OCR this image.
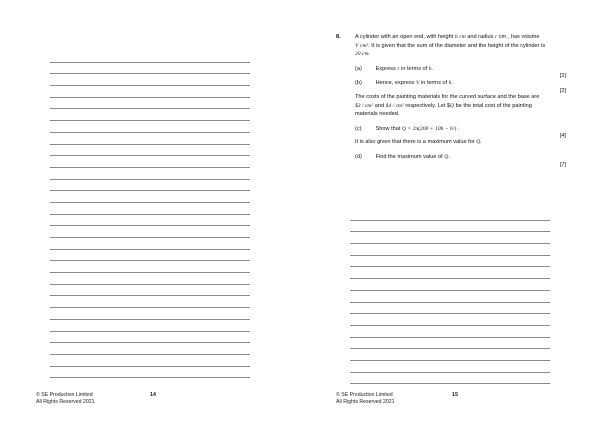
© SE Production Limited
All Rights Reserved 2021
14
8.	A cylinder with an open end, with height h cm and radius r cm , has volume
V cm³. It is given that the sum of the diameter and the height of the cylinder is
20 cm.
(a) Express r in terms of h.
[2]
(b) Hence, express V in terms of h.
[2]
The costs of the painting materials for the curved surface and the base are
$3 / cm² and $4 / cm² respectively. Let $Q be the total cost of the painting
materials needed.
(c)	Show that Q = 2π(200 + 10h − h²) .
[4]
It is also given that there is a maximum value for Q.
(d) Find the maximum value of Q.
[7]
© SE Production Limited
All Rights Reserved 2021
15
